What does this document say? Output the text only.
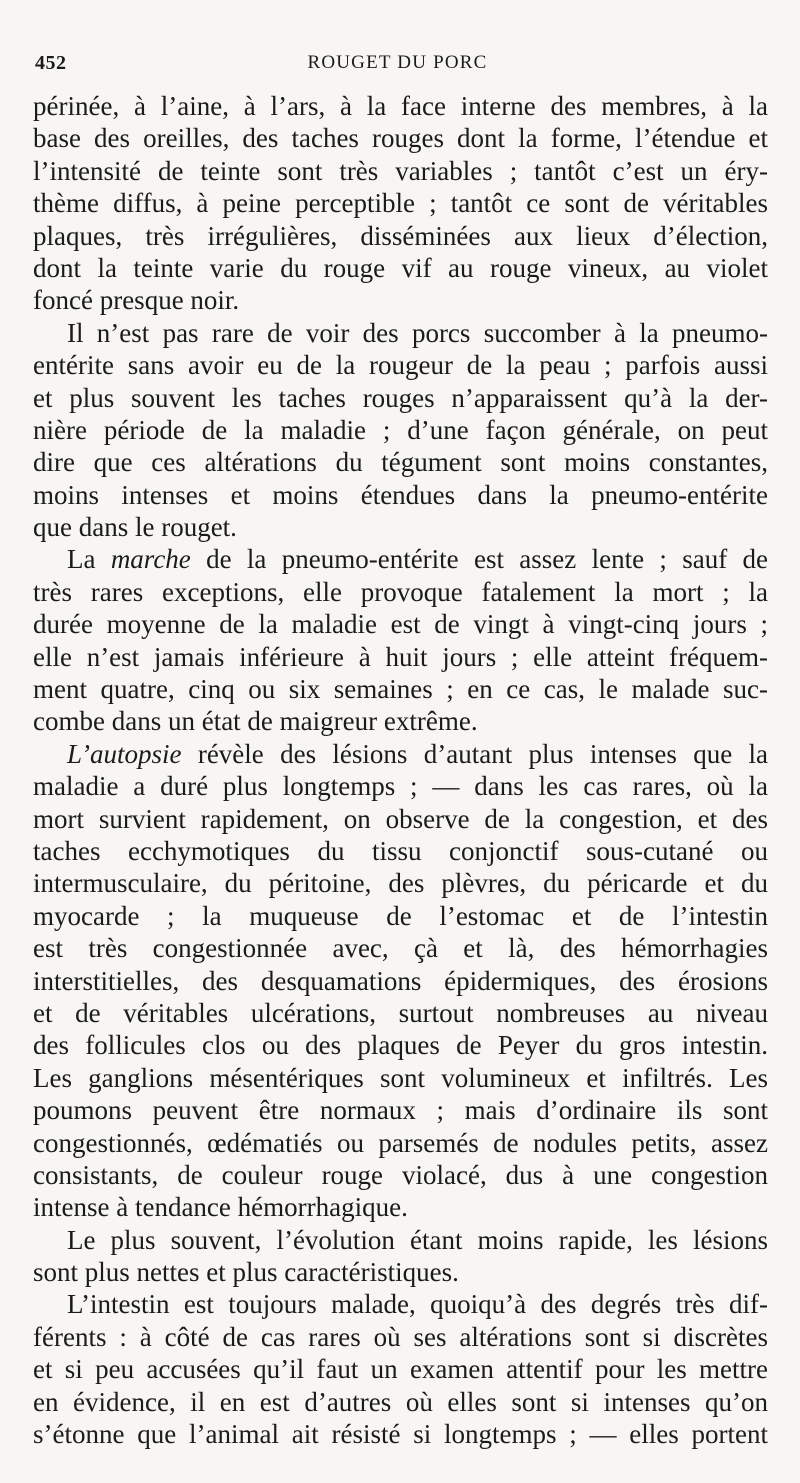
452	ROUGET DU PORC
périnée, à l’aine, à l’ars, à la face interne des membres, à la
base des oreilles, des taches rouges dont la forme, l’étendue et
l’intensité de teinte sont très variables ; tantôt c’est un éry-
thème diffus, à peine perceptible ; tantôt ce sont de véritables
plaques, très irrégulières, disséminées aux lieux d’élection,
dont la teinte varie du rouge vif au rouge vineux, au violet
foncé presque noir.
Il n’est pas rare de voir des porcs succomber à la pneumo-
entérite sans avoir eu de la rougeur de la peau ; parfois aussi
et plus souvent les taches rouges n’apparaissent qu’à la der-
nière période de la maladie ; d’une façon générale, on peut
dire que ces altérations du tégument sont moins constantes,
moins intenses et moins étendues dans la pneumo-entérite
que dans le rouget.
La marche de la pneumo-entérite est assez lente ; sauf de
très rares exceptions, elle provoque fatalement la mort ; la
durée moyenne de la maladie est de vingt à vingt-cinq jours ;
elle n’est jamais inférieure à huit jours ; elle atteint fréquem-
ment quatre, cinq ou six semaines ; en ce cas, le malade suc-
combe dans un état de maigreur extrême.
L’autopsie révèle des lésions d’autant plus intenses que la
maladie a duré plus longtemps ; — dans les cas rares, où la
mort survient rapidement, on observe de la congestion, et des
taches ecchymotiques du tissu conjonctif sous-cutané ou
intermusculaire, du péritoine, des plèvres, du péricarde et du
myocarde ; la muqueuse de l’estomac et de l’intestin
est très congestionnée avec, çà et là, des hémorrhagies
interstitielles, des desquamations épidermiques, des érosions
et de véritables ulcérations, surtout nombreuses au niveau
des follicules clos ou des plaques de Peyer du gros intestin.
Les ganglions mésentériques sont volumineux et infiltrés. Les
poumons peuvent être normaux ; mais d’ordinaire ils sont
congestionnés, œdématiés ou parsemés de nodules petits, assez
consistants, de couleur rouge violacé, dus à une congestion
intense à tendance hémorrhagique.
Le plus souvent, l’évolution étant moins rapide, les lésions
sont plus nettes et plus caractéristiques.
L’intestin est toujours malade, quoiqu’à des degrés très dif-
férents : à côté de cas rares où ses altérations sont si discrètes
et si peu accusées qu’il faut un examen attentif pour les mettre
en évidence, il en est d’autres où elles sont si intenses qu’on
s’étonne que l’animal ait résisté si longtemps ; — elles portent
